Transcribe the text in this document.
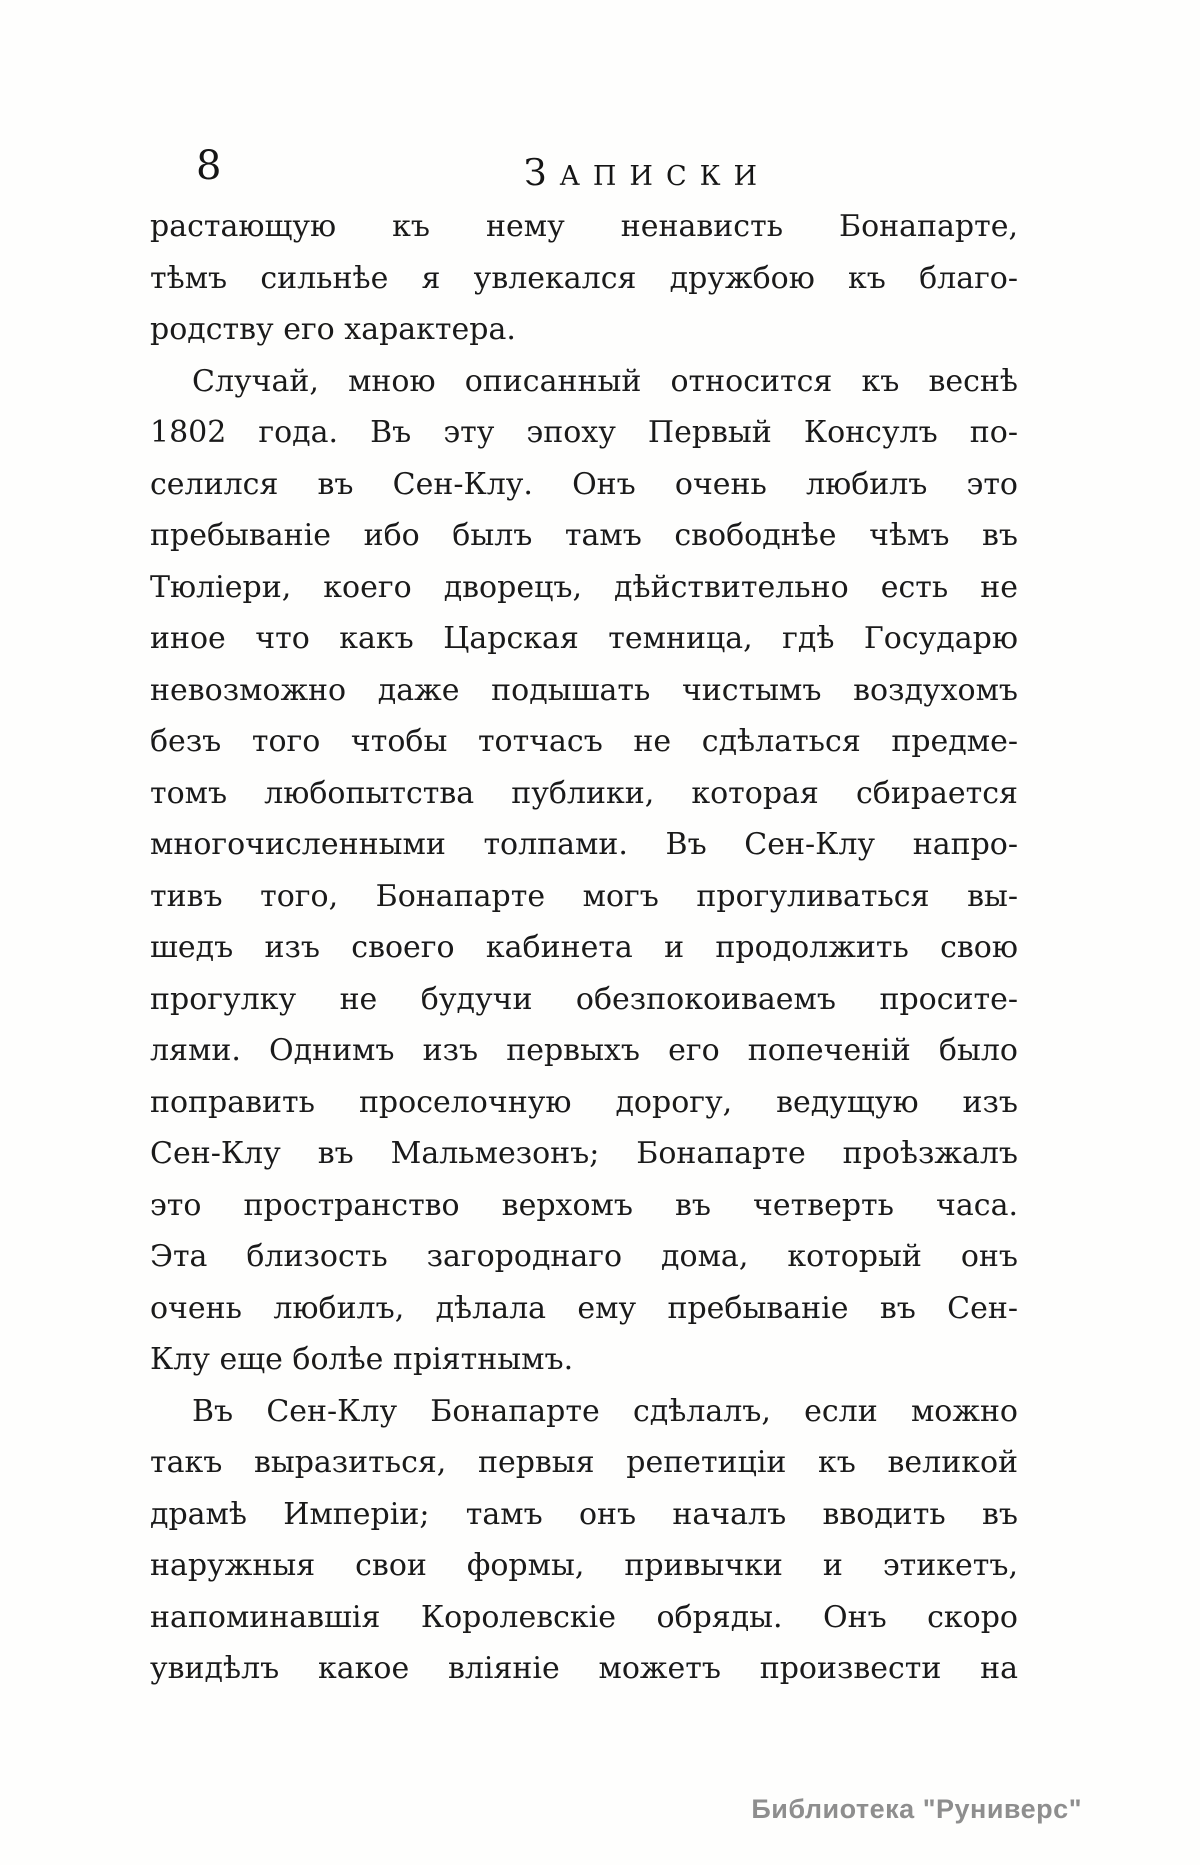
8	ЗАПИСКИ
растающую къ нему ненависть Бонапарте,
тѣмъ сильнѣе я увлекался дружбою къ благо-
родству его характера.
Случай, мною описанный относится къ веснѣ
1802 года. Въ эту эпоху Первый Консулъ по-
селился въ Сен-Клу. Онъ очень любилъ это
пребываніе ибо былъ тамъ свободнѣе чѣмъ въ
Тюліери, коего дворецъ, дѣйствительно есть не
иное что какъ Царская темница, гдѣ Государю
невозможно даже подышать чистымъ воздухомъ
безъ того чтобы тотчасъ не сдѣлаться предме-
томъ любопытства публики, которая сбирается
многочисленными толпами. Въ Сен-Клу напро-
тивъ того, Бонапарте могъ прогуливаться вы-
шедъ изъ своего кабинета и продолжить свою
прогулку не будучи обезпокоиваемъ просите-
лями. Однимъ изъ первыхъ его попеченій было
поправить проселочную дорогу, ведущую изъ
Сен-Клу въ Мальмезонъ; Бонапарте проѣзжалъ
это пространство верхомъ въ четверть часа.
Эта близость загороднаго дома, который онъ
очень любилъ, дѣлала ему пребываніе въ Сен-
Клу еще болѣе пріятнымъ.
Въ Сен-Клу Бонапарте сдѣлалъ, если можно
такъ выразиться, первыя репетиціи къ великой
драмѣ Имперіи; тамъ онъ началъ вводить въ
наружныя свои формы, привычки и этикетъ,
напоминавшія Королевскіе обряды. Онъ скоро
увидѣлъ какое вліяніе можетъ произвести на
Библиотека "Руниверс"
